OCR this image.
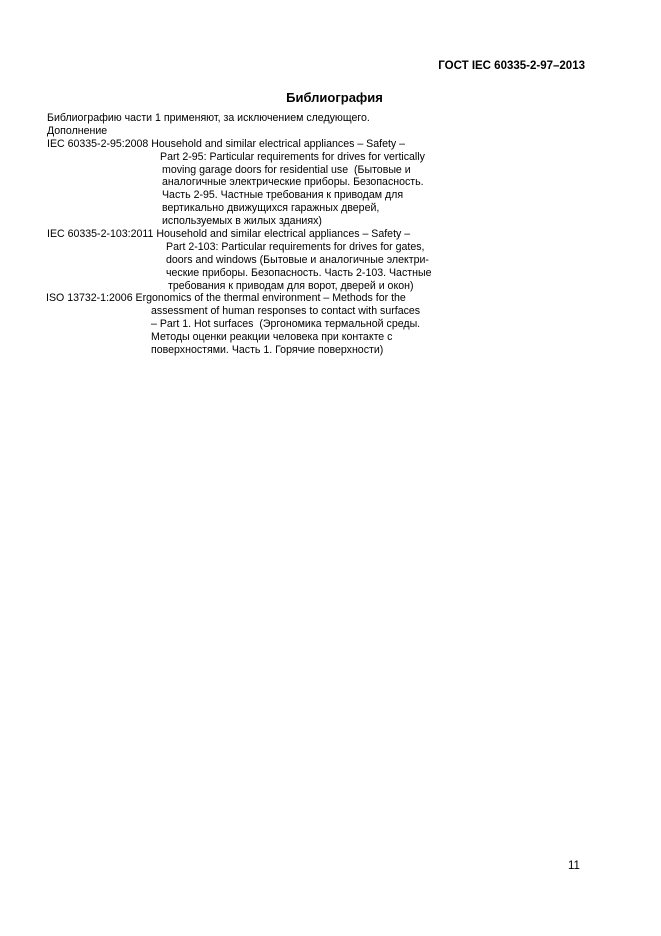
ГОСТ IEC 60335-2-97–2013
Библиография
Библиографию части 1 применяют, за исключением следующего.
Дополнение
IEC 60335-2-95:2008 Household and similar electrical appliances – Safety –
Part 2-95: Particular requirements for drives for vertically
moving garage doors for residential use  (Бытовые и
аналогичные электрические приборы. Безопасность.
Часть 2-95. Частные требования к приводам для
вертикально движущихся гаражных дверей,
используемых в жилых зданиях)
IEC 60335-2-103:2011 Household and similar electrical appliances – Safety –
Part 2-103: Particular requirements for drives for gates,
doors and windows (Бытовые и аналогичные электри-
ческие приборы. Безопасность. Часть 2-103. Частные
требования к приводам для ворот, дверей и окон)
ISO 13732-1:2006 Ergonomics of the thermal environment – Methods for the
assessment of human responses to contact with surfaces
– Part 1. Hot surfaces  (Эргономика термальной среды.
Методы оценки реакции человека при контакте с
поверхностями. Часть 1. Горячие поверхности)
11
